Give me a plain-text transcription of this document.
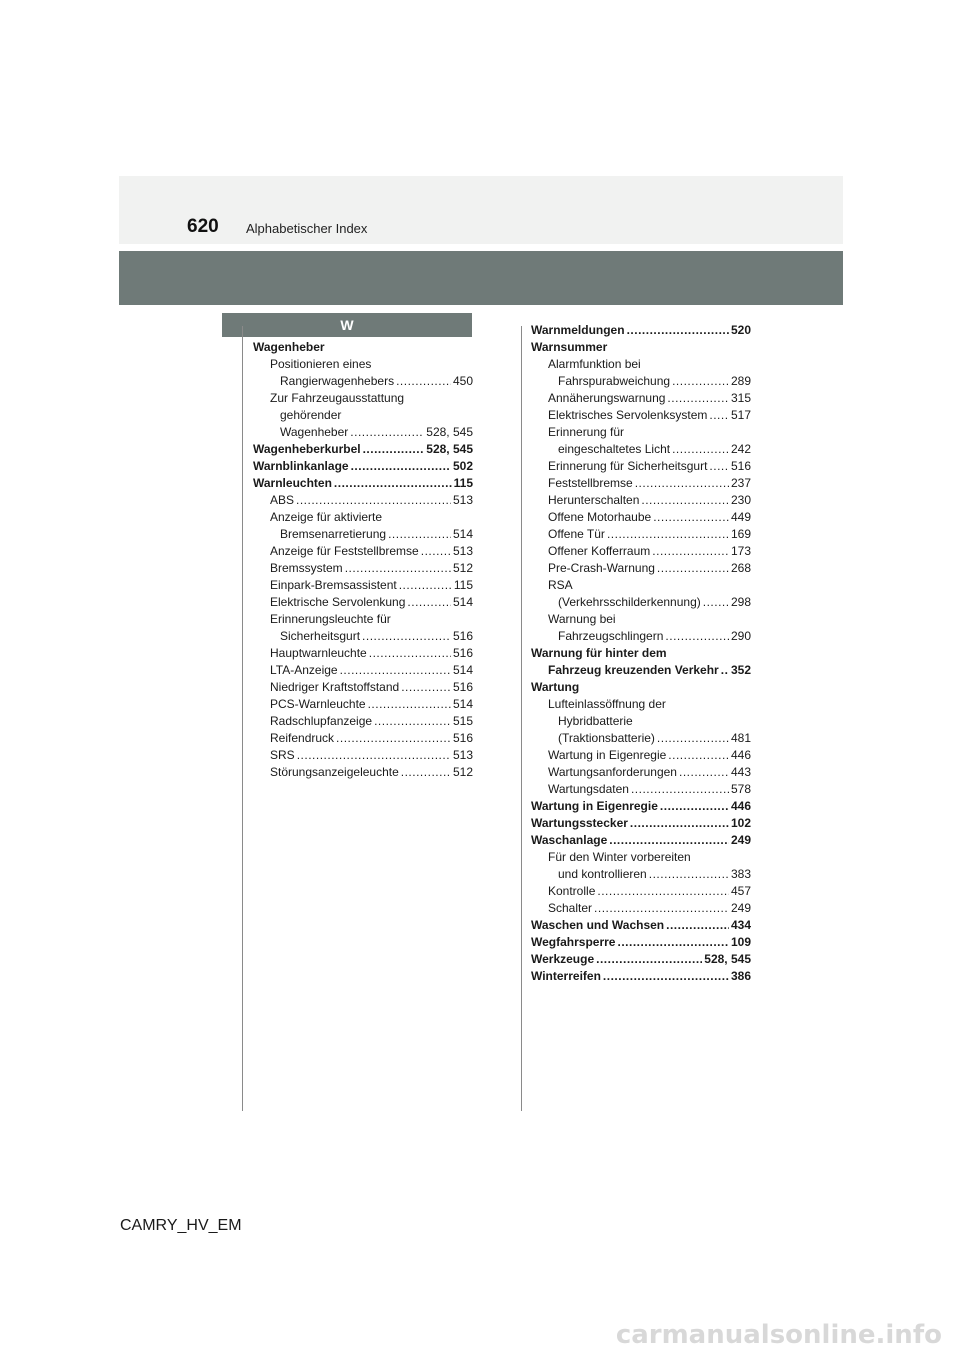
620 Alphabetischer Index
W
Wagenheber
Positionieren eines
Rangierwagenhebers .....	450
Zur Fahrzeugausstattung
gehörender
Wagenheber .....	528, 545
Wagenheberkurbel .....	528, 545
Warnblinkanlage .....	502
Warnleuchten .....	115
ABS .....	513
Anzeige für aktivierte
Bremsenarretierung .....	514
Anzeige für Feststellbremse .....	513
Bremssystem .....	512
Einpark-Bremsassistent .....	115
Elektrische Servolenkung .....	514
Erinnerungsleuchte für
Sicherheitsgurt .....	516
Hauptwarnleuchte .....	516
LTA-Anzeige .....	514
Niedriger Kraftstoffstand .....	516
PCS-Warnleuchte .....	514
Radschlupfanzeige .....	515
Reifendruck .....	516
SRS .....	513
Störungsanzeigeleuchte .....	512
Warnmeldungen .....	520
Warnsummer
Alarmfunktion bei
Fahrspurabweichung .....	289
Annäherungswarnung .....	315
Elektrisches Servolenksystem ..... 517
Erinnerung für
eingeschaltetes Licht .....	242
Erinnerung für Sicherheitsgurt ..... 516
Feststellbremse .....	237
Herunterschalten .....	230
Offene Motorhaube .....	449
Offene Tür .....	169
Offener Kofferraum .....	173
Pre-Crash-Warnung .....	268
RSA
(Verkehrsschilderkennung) .....	298
Warnung bei
Fahrzeugschlingern .....	290
Warnung für hinter dem
Fahrzeug kreuzenden Verkehr ..... 352
Wartung
Lufteinlassöffnung der
Hybridbatterie
(Traktionsbatterie) .....	481
Wartung in Eigenregie .....	446
Wartungsanforderungen .....	443
Wartungsdaten .....	578
Wartung in Eigenregie .....	446
Wartungsstecker .....	102
Waschanlage .....	249
Für den Winter vorbereiten
und kontrollieren .....	383
Kontrolle .....	457
Schalter .....	249
Waschen und Wachsen .....	434
Wegfahrsperre .....	109
Werkzeuge .....	528, 545
Winterreifen .....	386
CAMRY_HV_EM
carmanualsonline.info
